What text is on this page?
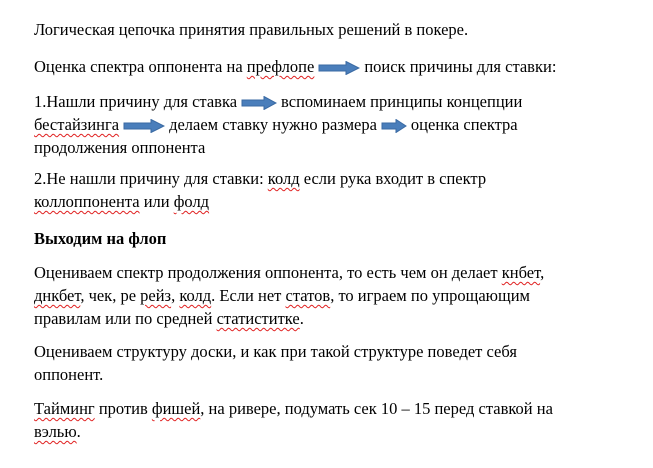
Логическая цепочка принятия правильных решений в покере.

Оценка спектра оппонента на префлопе	поиск причины для ставки:

1.Нашли причину для ставка	вспоминаем принципы концепции
бестайзинга	делаем ставку нужно размера оценка спектра
продолжения оппонента

2.Не нашли причину для ставки: колд если рука входит в спектр
коллоппонента или фолд

Выходим на флоп

Оцениваем спектр продолжения оппонента, то есть чем он делает кнбет,
днкбет, чек, ре рейз, колд. Если нет статов, то играем по упрощающим
правилам или по средней статиститке.

Оцениваем структуру доски, и как при такой структуре поведет себя
оппонент.

Тайминг против фишей, на ривере, подумать сек 10 – 15 перед ставкой на
вэлью.
